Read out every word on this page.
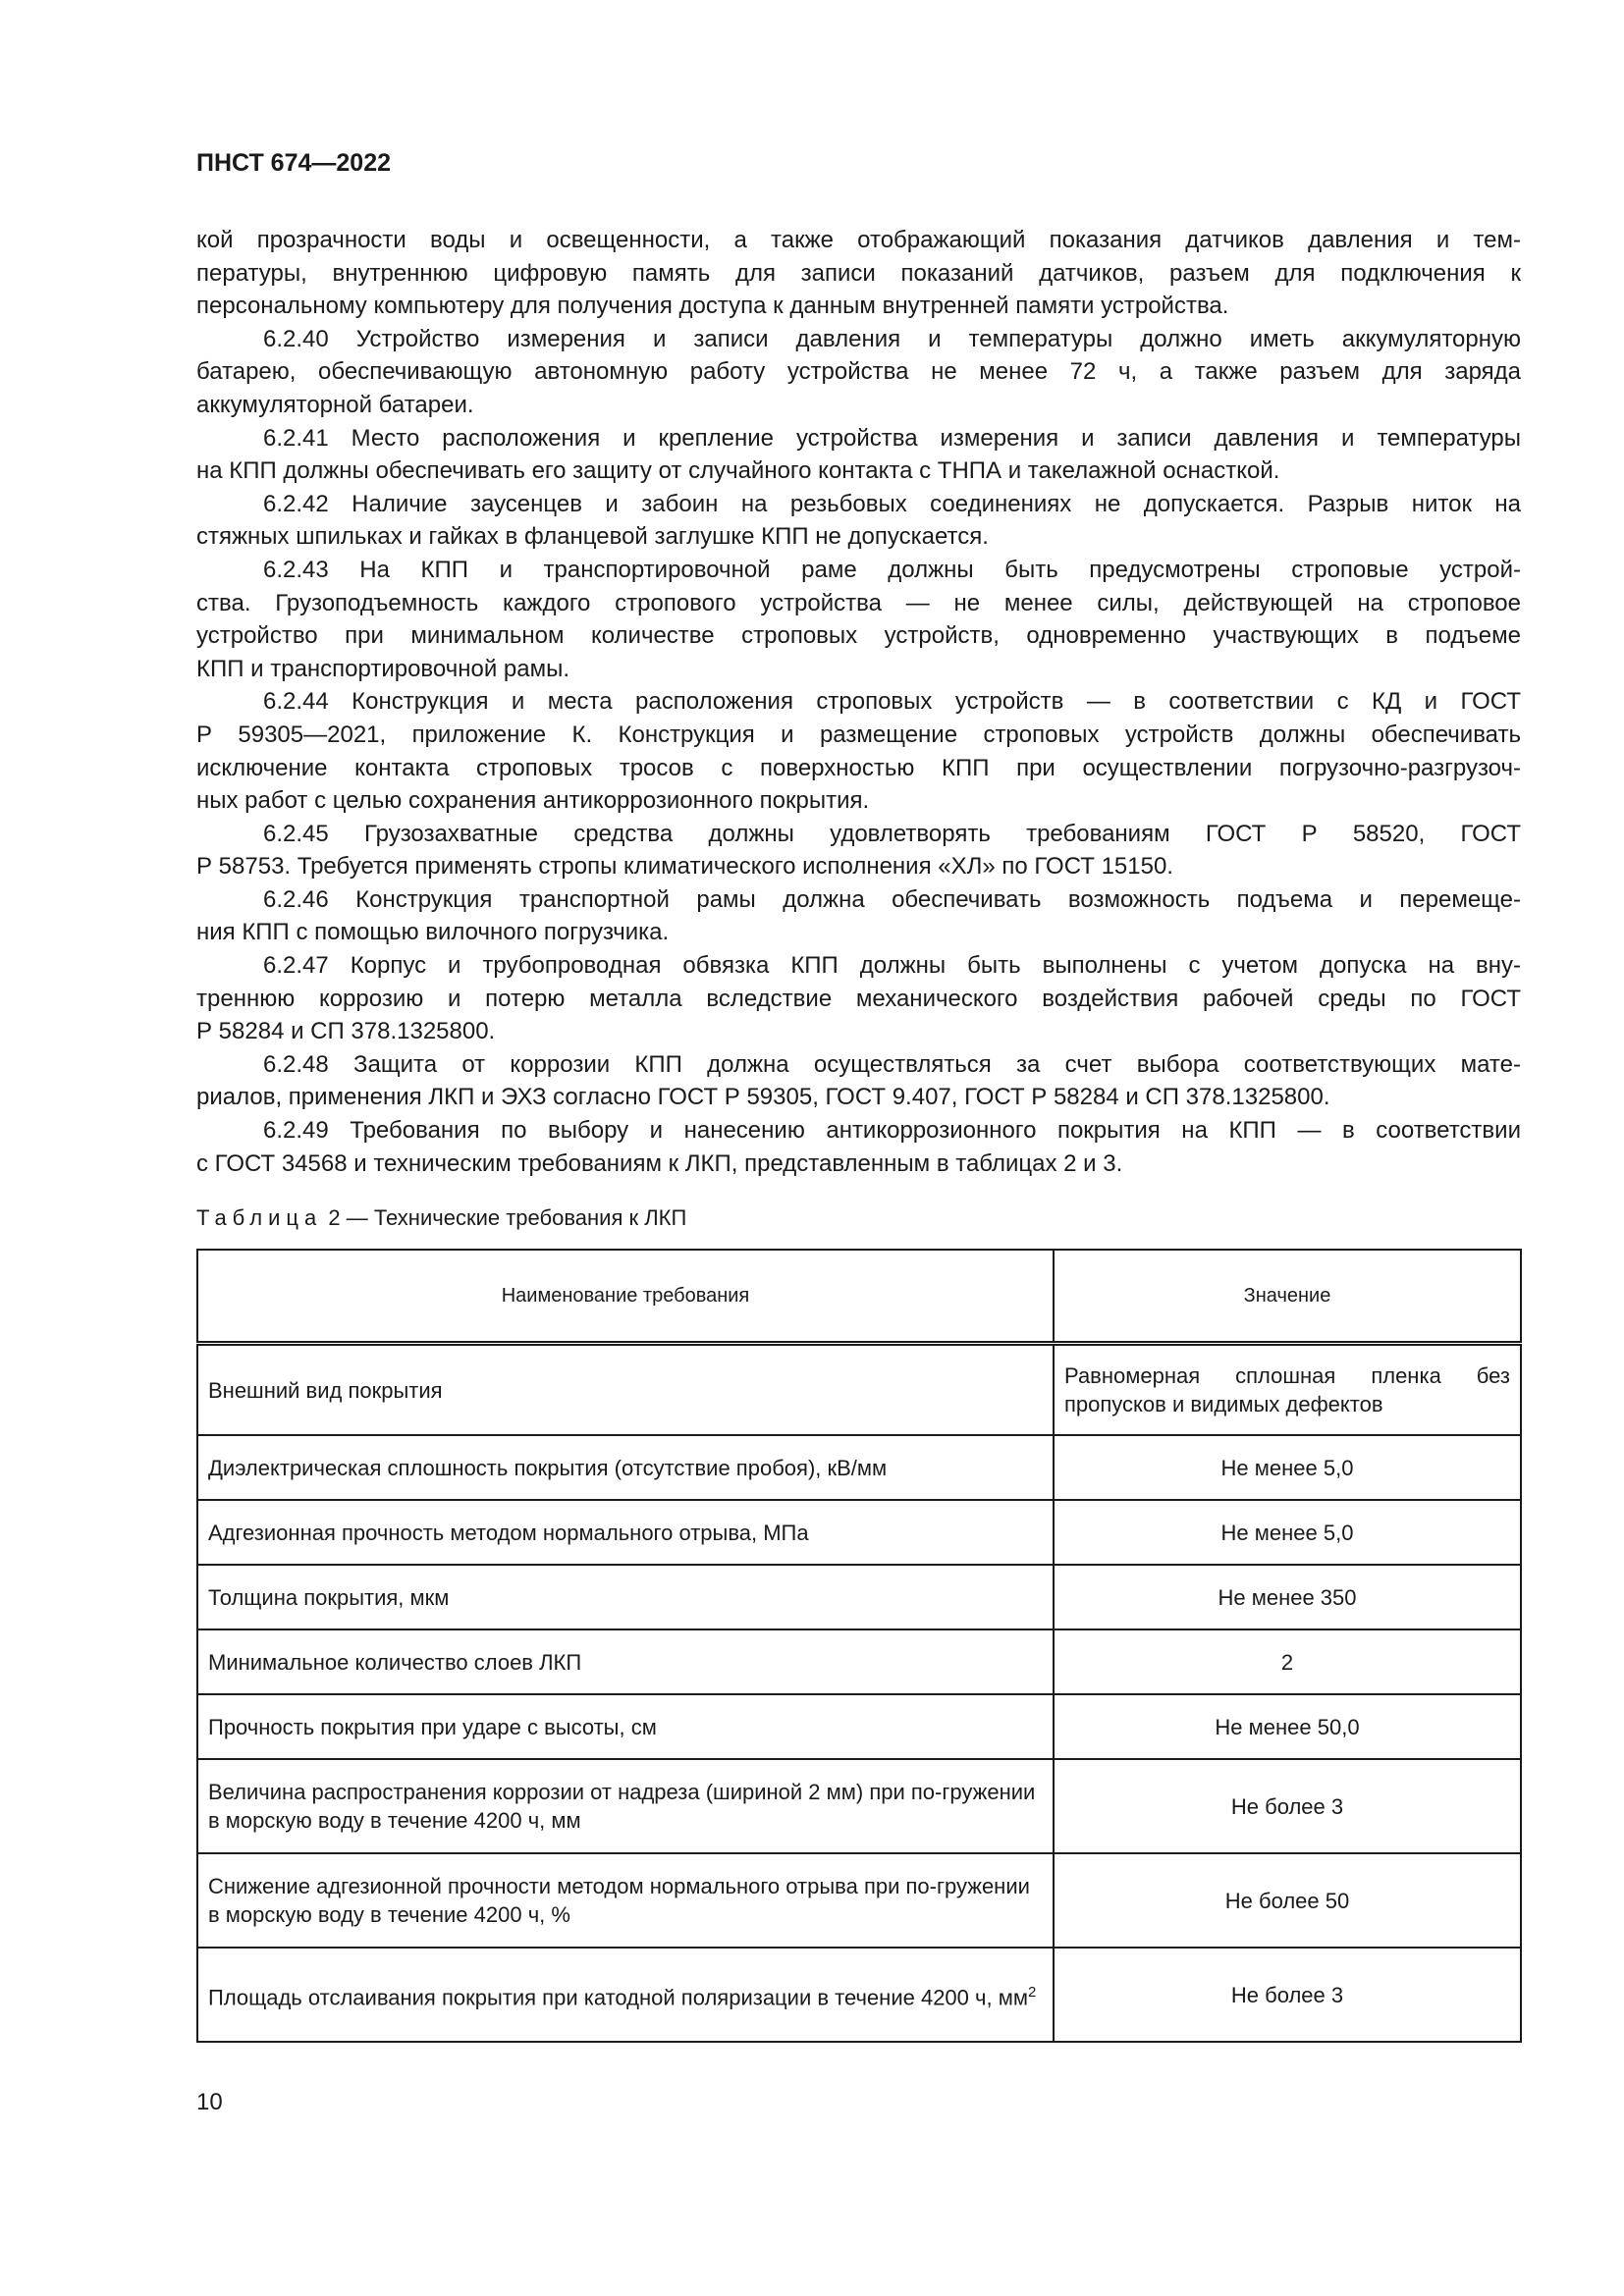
ПНСТ 674—2022
кой прозрачности воды и освещенности, а также отображающий показания датчиков давления и тем-
пературы, внутреннюю цифровую память для записи показаний датчиков, разъем для подключения к
персональному компьютеру для получения доступа к данным внутренней памяти устройства.
6.2.40 Устройство измерения и записи давления и температуры должно иметь аккумуляторную
батарею, обеспечивающую автономную работу устройства не менее 72 ч, а также разъем для заряда
аккумуляторной батареи.
6.2.41 Место расположения и крепление устройства измерения и записи давления и температуры
на КПП должны обеспечивать его защиту от случайного контакта с ТНПА и такелажной оснасткой.
6.2.42 Наличие заусенцев и забоин на резьбовых соединениях не допускается. Разрыв ниток на
стяжных шпильках и гайках в фланцевой заглушке КПП не допускается.
6.2.43 На КПП и транспортировочной раме должны быть предусмотрены строповые устрой-
ства. Грузоподъемность каждого стропового устройства — не менее силы, действующей на строповое
устройство при минимальном количестве строповых устройств, одновременно участвующих в подъеме
КПП и транспортировочной рамы.
6.2.44 Конструкция и места расположения строповых устройств — в соответствии с КД и ГОСТ
Р 59305—2021, приложение К. Конструкция и размещение строповых устройств должны обеспечивать
исключение контакта строповых тросов с поверхностью КПП при осуществлении погрузочно-разгрузоч-
ных работ с целью сохранения антикоррозионного покрытия.
6.2.45 Грузозахватные средства должны удовлетворять требованиям ГОСТ Р 58520, ГОСТ
Р 58753. Требуется применять стропы климатического исполнения «ХЛ» по ГОСТ 15150.
6.2.46 Конструкция транспортной рамы должна обеспечивать возможность подъема и перемеще-
ния КПП с помощью вилочного погрузчика.
6.2.47 Корпус и трубопроводная обвязка КПП должны быть выполнены с учетом допуска на вну-
треннюю коррозию и потерю металла вследствие механического воздействия рабочей среды по ГОСТ
Р 58284 и СП 378.1325800.
6.2.48 Защита от коррозии КПП должна осуществляться за счет выбора соответствующих мате-
риалов, применения ЛКП и ЭХЗ согласно ГОСТ Р 59305, ГОСТ 9.407, ГОСТ Р 58284 и СП 378.1325800.
6.2.49 Требования по выбору и нанесению антикоррозионного покрытия на КПП — в соответствии
с ГОСТ 34568 и техническим требованиям к ЛКП, представленным в таблицах 2 и 3.
Таблица 2 — Технические требования к ЛКП
Наименование требования	Значение
Внешний вид покрытия	Равномерная сплошная пленка без пропусков и видимых дефектов
Диэлектрическая сплошность покрытия (отсутствие пробоя), кВ/мм	Не менее 5,0
Адгезионная прочность методом нормального отрыва, МПа	Не менее 5,0
Толщина покрытия, мкм	Не менее 350
Минимальное количество слоев ЛКП	2
Прочность покрытия при ударе с высоты, см	Не менее 50,0
Величина распространения коррозии от надреза (шириной 2 мм) при по-гружении в морскую воду в течение 4200 ч, мм	Не более 3
Снижение адгезионной прочности методом нормального отрыва при по-гружении в морскую воду в течение 4200 ч, %	Не более 50
Площадь отслаивания покрытия при катодной поляризации в течение 4200 ч, $мм^2$	Не более 3
10
